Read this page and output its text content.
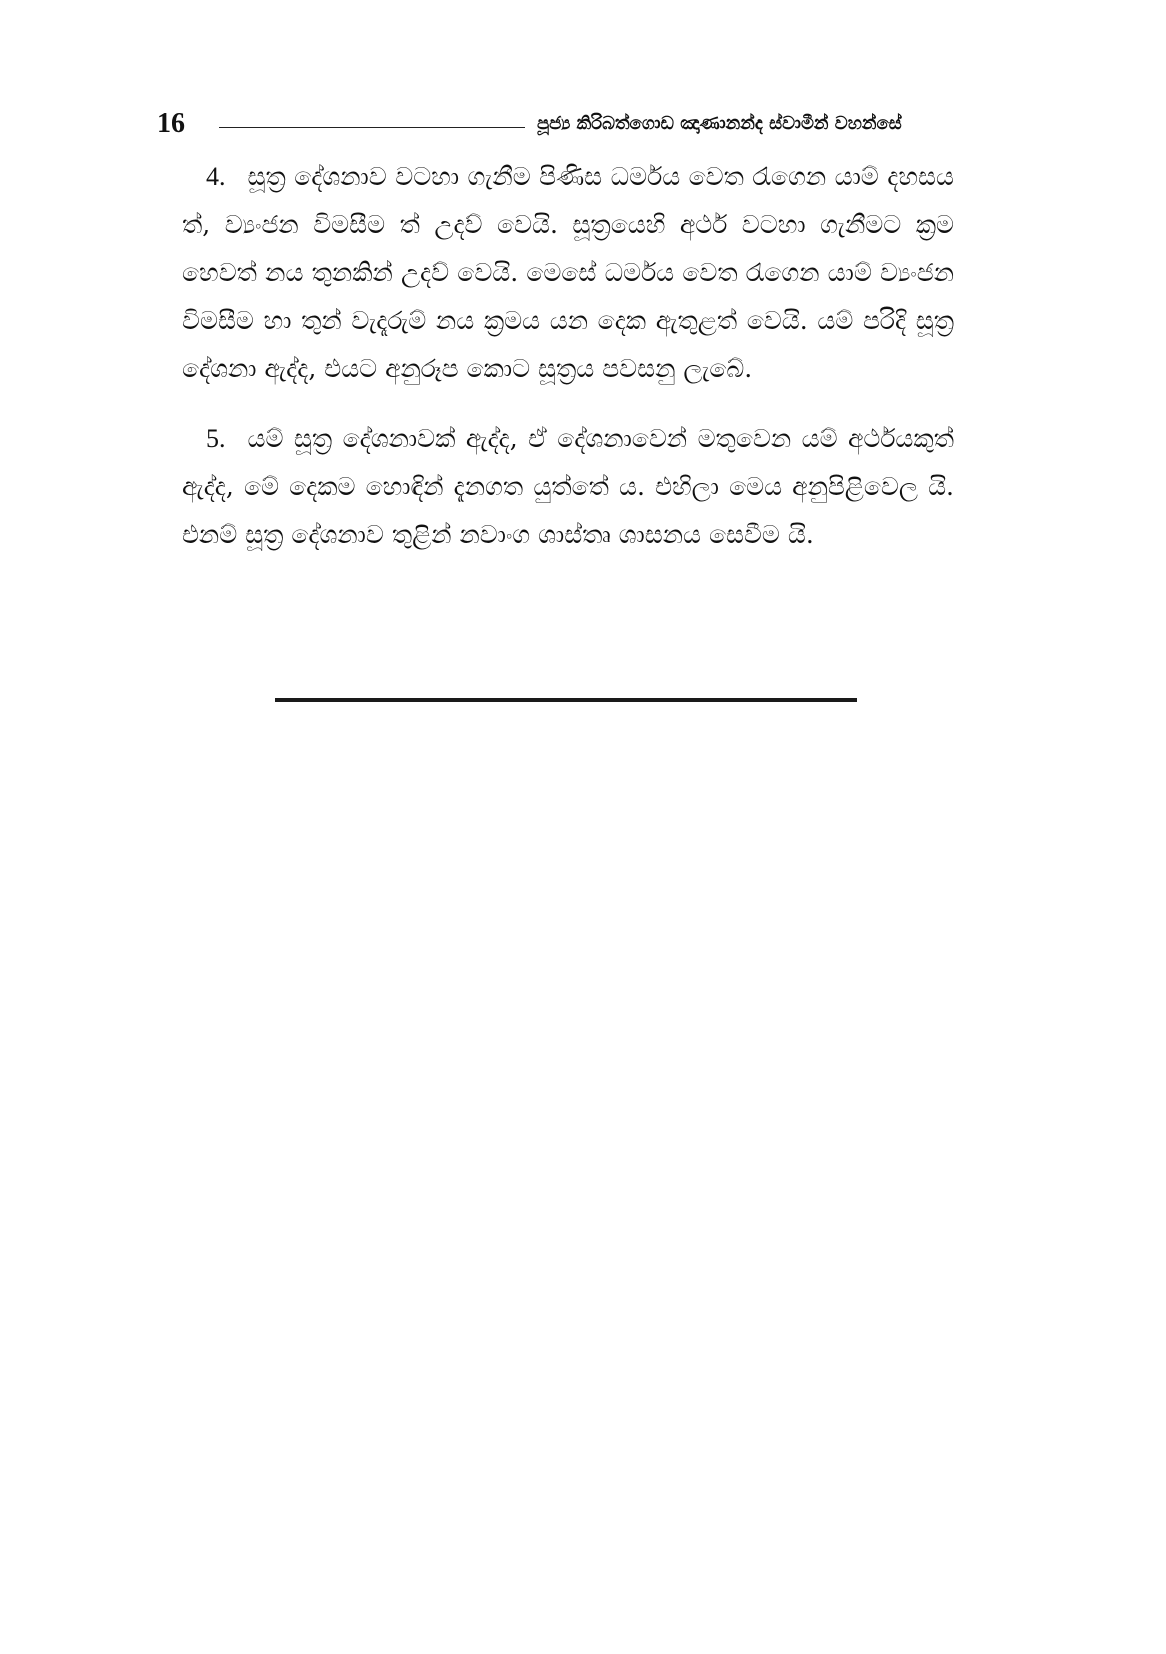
16	පූජ්‍ය කිරිබත්ගොඩ ඤාණානන්ද ස්වාමීන් වහන්සේ

4. සූත්‍ර දේශනාව වටහා ගැනීම පිණිස ධර්මය වෙත රැගෙන යාම් දහසය ත්, ව්‍යංජන විමසීම ත් උදව් වෙයි. සූත්‍රයෙහි අර්ථ වටහා ගැනීමට ක්‍රම හෙවත් නය තුනකින් උදව් වෙයි. මෙසේ ධර්මය වෙත රැගෙන යාම් ව්‍යංජන විමසීම හා තුන් වැදෑරුම් නය ක්‍රමය යන දෙක ඇතුළත් වෙයි. යම් පරිදි සූත්‍ර දේශනා ඇද්ද, එයට අනුරූප කොට සූත්‍රය පවසනු ලැබේ.

5. යම් සූත්‍ර දේශනාවක් ඇද්ද, ඒ දේශනාවෙන් මතුවෙන යම් අර්ථයකුත් ඇද්ද, මේ දෙකම හොඳින් දැනගත යුත්තේ ය. එහිලා මෙය අනුපිළිවෙල යි. එනම් සූත්‍ර දේශනාව තුළින් නවාංග ශාස්තෘ ශාසනය සෙවීම යි.
